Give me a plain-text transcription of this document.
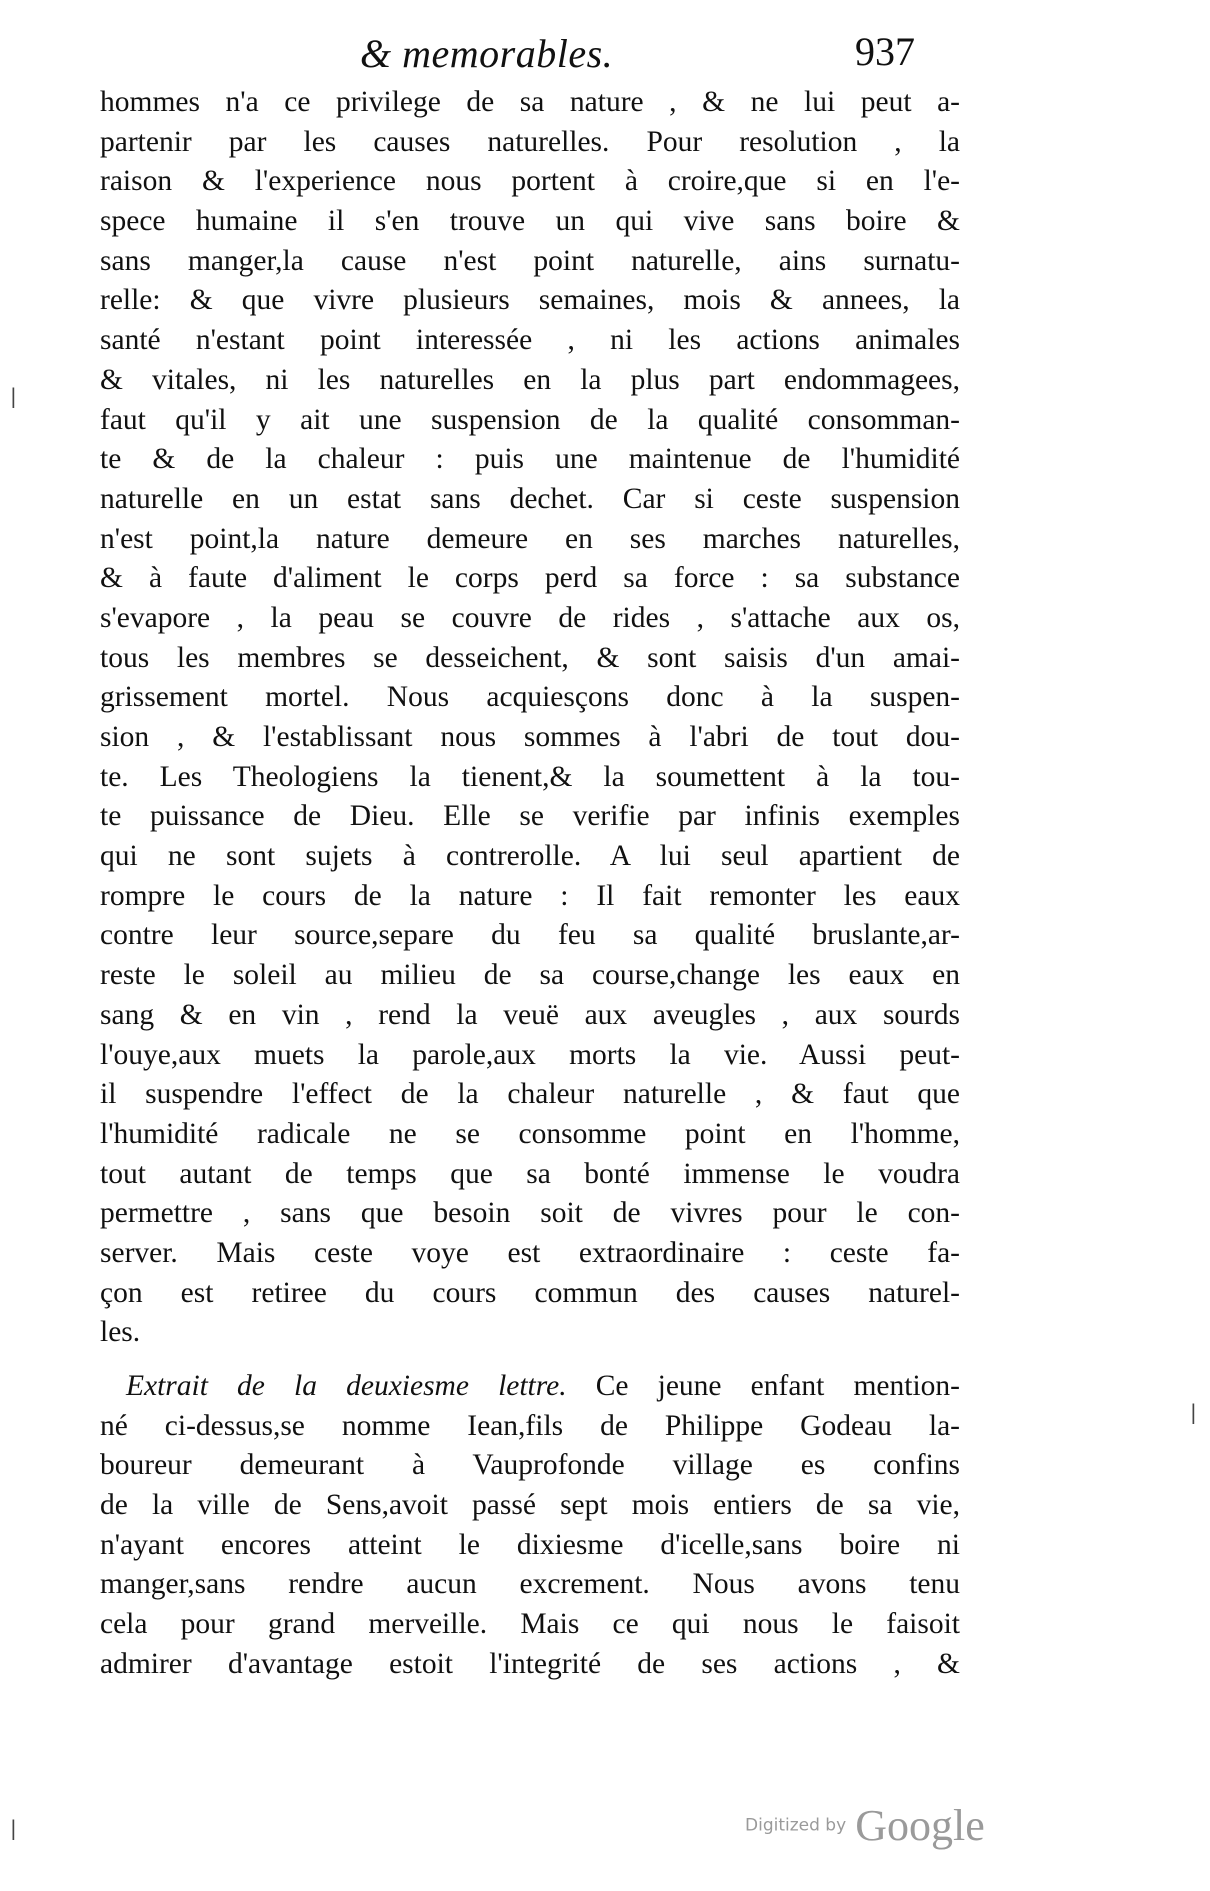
& memorables.	937
hommes n'a ce privilege de sa nature , & ne lui peut a-
partenir par les causes naturelles. Pour resolution , la
raison & l'experience nous portent à croire,que si en l'e-
spece humaine il s'en trouve un qui vive sans boire &
sans manger,la cause n'est point naturelle, ains surnatu-
relle: & que vivre plusieurs semaines, mois & annees, la
santé n'estant point interessée , ni les actions animales
& vitales, ni les naturelles en la plus part endommagees,
faut qu'il y ait une suspension de la qualité consomman-
te & de la chaleur : puis une maintenue de l'humidité
naturelle en un estat sans dechet. Car si ceste suspension
n'est point,la nature demeure en ses marches naturelles,
& à faute d'aliment le corps perd sa force : sa substance
s'evapore , la peau se couvre de rides , s'attache aux os,
tous les membres se desseichent, & sont saisis d'un amai-
grissement mortel. Nous acquiesçons donc à la suspen-
sion , & l'establissant nous sommes à l'abri de tout dou-
te. Les Theologiens la tienent,& la soumettent à la tou-
te puissance de Dieu. Elle se verifie par infinis exemples
qui ne sont sujets à contrerolle. A lui seul apartient de
rompre le cours de la nature : Il fait remonter les eaux
contre leur source,separe du feu sa qualité bruslante,ar-
reste le soleil au milieu de sa course,change les eaux en
sang & en vin , rend la veuë aux aveugles , aux sourds
l'ouye,aux muets la parole,aux morts la vie. Aussi peut-
il suspendre l'effect de la chaleur naturelle , & faut que
l'humidité radicale ne se consomme point en l'homme,
tout autant de temps que sa bonté immense le voudra
permettre , sans que besoin soit de vivres pour le con-
server. Mais ceste voye est extraordinaire : ceste fa-
çon est retiree du cours commun des causes naturel-
les.
Extrait de la deuxiesme lettre. Ce jeune enfant mention-
né ci-dessus,se nomme Iean,fils de Philippe Godeau la-
boureur demeurant à Vauprofonde village es confins
de la ville de Sens,avoit passé sept mois entiers de sa vie,
n'ayant encores atteint le dixiesme d'icelle,sans boire ni
manger,sans rendre aucun excrement. Nous avons tenu
cela pour grand merveille. Mais ce qui nous le faisoit
admirer d'avantage estoit l'integrité de ses actions , &
|
|
|	Digitized by Google
